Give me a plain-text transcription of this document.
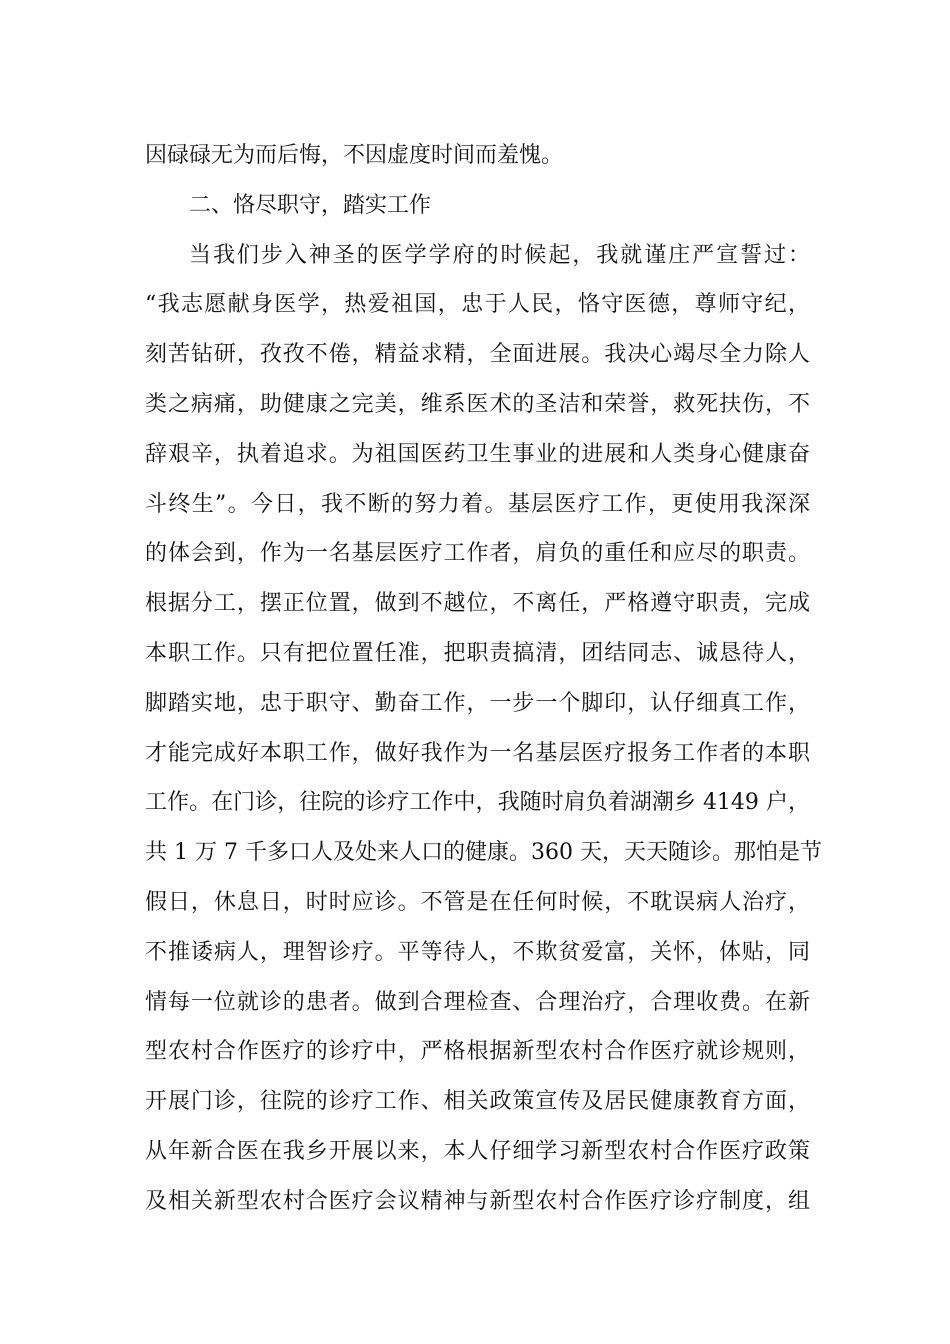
因碌碌无为而后悔，不因虚度时间而羞愧。

二、恪尽职守，踏实工作

当我们步入神圣的医学学府的时候起，我就谨庄严宣誓过：

“我志愿献身医学，热爱祖国，忠于人民，恪守医德，尊师守纪，

刻苦钻研，孜孜不倦，精益求精，全面进展。我决心竭尽全力除人

类之病痛，助健康之完美，维系医术的圣洁和荣誉，救死扶伤，不

辞艰辛，执着追求。为祖国医药卫生事业的进展和人类身心健康奋

斗终生”。今日，我不断的努力着。基层医疗工作，更使用我深深

的体会到，作为一名基层医疗工作者，肩负的重任和应尽的职责。

根据分工，摆正位置，做到不越位，不离任，严格遵守职责，完成

本职工作。只有把位置任准，把职责搞清，团结同志、诚恳待人，

脚踏实地，忠于职守、勤奋工作，一步一个脚印，认仔细真工作，

才能完成好本职工作，做好我作为一名基层医疗报务工作者的本职

工作。在门诊，往院的诊疗工作中，我随时肩负着湖潮乡 4149 户，

共 1 万 7 千多口人及处来人口的健康。360 天，天天随诊。那怕是节

假日，休息日，时时应诊。不管是在任何时候，不耽误病人治疗，

不推诿病人，理智诊疗。平等待人，不欺贫爱富，关怀，体贴，同

情每一位就诊的患者。做到合理检查、合理治疗，合理收费。在新

型农村合作医疗的诊疗中，严格根据新型农村合作医疗就诊规则，

开展门诊，往院的诊疗工作、相关政策宣传及居民健康教育方面，

从年新合医在我乡开展以来，本人仔细学习新型农村合作医疗政策

及相关新型农村合医疗会议精神与新型农村合作医疗诊疗制度，组
